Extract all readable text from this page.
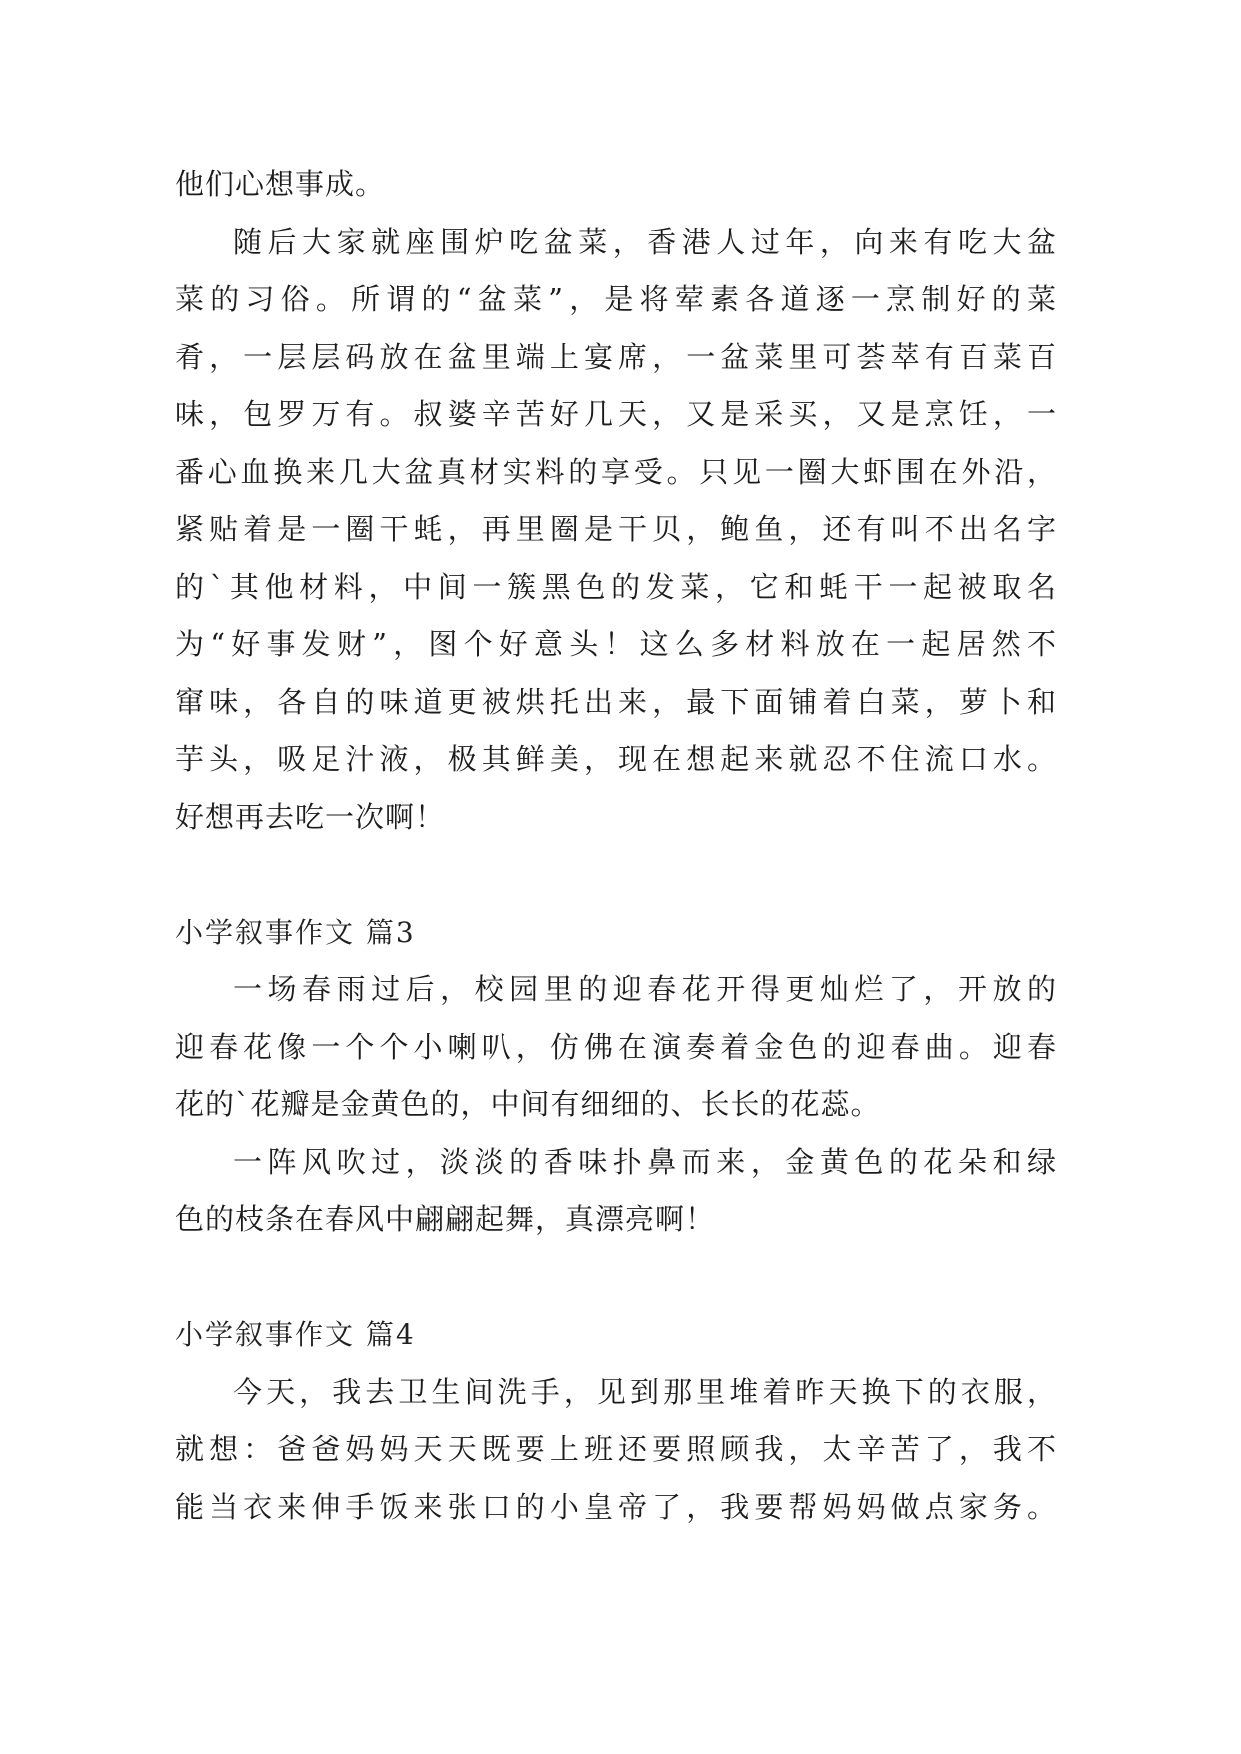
他们心想事成。
随后大家就座围炉吃盆菜，香港人过年，向来有吃大盆
菜的习俗。所谓的“盆菜”，是将荤素各道逐一烹制好的菜
肴，一层层码放在盆里端上宴席，一盆菜里可荟萃有百菜百
味，包罗万有。叔婆辛苦好几天，又是采买，又是烹饪，一
番心血换来几大盆真材实料的享受。只见一圈大虾围在外沿，
紧贴着是一圈干蚝，再里圈是干贝，鲍鱼，还有叫不出名字
的`其他材料，中间一簇黑色的发菜，它和蚝干一起被取名
为“好事发财”，图个好意头！这么多材料放在一起居然不
窜味，各自的味道更被烘托出来，最下面铺着白菜，萝卜和
芋头，吸足汁液，极其鲜美，现在想起来就忍不住流口水。
好想再去吃一次啊！
小学叙事作文 篇3
一场春雨过后，校园里的迎春花开得更灿烂了，开放的
迎春花像一个个小喇叭，仿佛在演奏着金色的迎春曲。迎春
花的`花瓣是金黄色的，中间有细细的、长长的花蕊。
一阵风吹过，淡淡的香味扑鼻而来，金黄色的花朵和绿
色的枝条在春风中翩翩起舞，真漂亮啊！
小学叙事作文 篇4
今天，我去卫生间洗手，见到那里堆着昨天换下的衣服，
就想：爸爸妈妈天天既要上班还要照顾我，太辛苦了，我不
能当衣来伸手饭来张口的小皇帝了，我要帮妈妈做点家务。
